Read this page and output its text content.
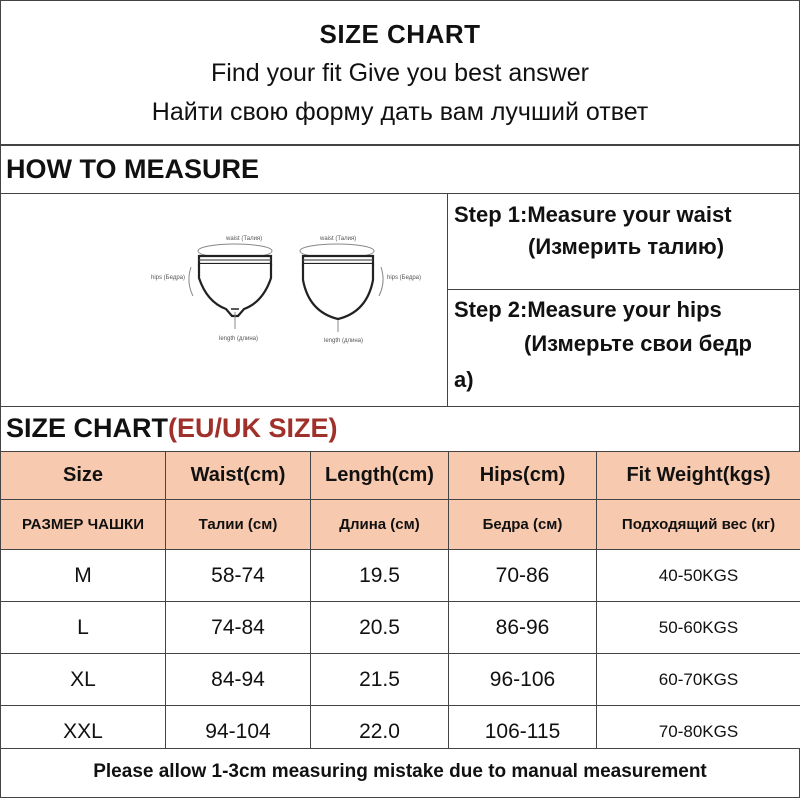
SIZE CHART
Find your fit Give you best answer
Найти свою форму дать вам лучший ответ
HOW TO MEASURE
waist (Талия)	waist (Талия)
hips (Бедра)	hips (Бедра)
length (длина)	length (длина)
Step 1:Measure your waist
(Измерить талию)
Step 2:Measure your hips
(Измерьте свои бедр
а)
SIZE CHART(EU/UK SIZE)
Size	Waist(cm)	Length(cm)	Hips(cm)	Fit Weight(kgs)
РАЗМЕР ЧАШКИ	Талии (см)	Длина (см)	Бедра (см)	Подходящий вес (кг)
M	58-74	19.5	70-86	40-50KGS
L	74-84	20.5	86-96	50-60KGS
XL	84-94	21.5	96-106	60-70KGS
XXL	94-104	22.0	106-115	70-80KGS
Please allow 1-3cm measuring mistake due to manual measurement
